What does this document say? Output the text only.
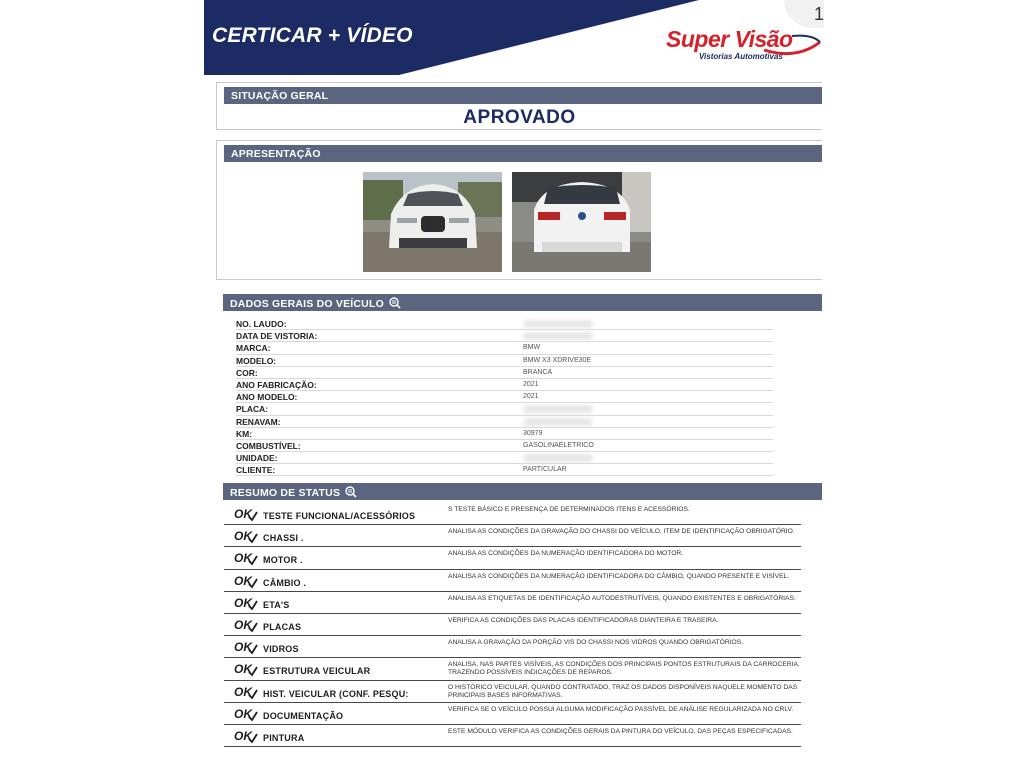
CERTICAR + VÍDEO	Super Visão
Vistorias Automotivas
SITUAÇÃO GERAL
APROVADO
APRESENTAÇÃO
DADOS GERAIS DO VEÍCULO
NO. LAUDO:
DATA DE VISTORIA:
MARCA:	BMW
MODELO:	BMW X3 XDRIVE30E
COR:	BRANCA
ANO FABRICAÇÃO:	2021
ANO MODELO:	2021
PLACA:
RENAVAM:
KM:	30979
COMBUSTÍVEL:	GASOLINAELETRICO
UNIDADE:
CLIENTE:	PARTICULAR
RESUMO DE STATUS
OK TESTE FUNCIONAL/ACESSÓRIOS
S TESTE BÁSICO E PRESENÇA DE DETERMINADOS ITENS E ACESSÓRIOS.
OK CHASSI .
ANALISA AS CONDIÇÕES DA GRAVAÇÃO DO CHASSI DO VEÍCULO. ITEM DE IDENTIFICAÇÃO OBRIGATÓRIO.
OK MOTOR .
ANALISA AS CONDIÇÕES DA NUMERAÇÃO IDENTIFICADORA DO MOTOR.
OK CÂMBIO .
ANALISA AS CONDIÇÕES DA NUMERAÇÃO IDENTIFICADORA DO CÂMBIO, QUANDO PRESENTE E VISÍVEL.
OK ETA'S
ANALISA AS ETIQUETAS DE IDENTIFICAÇÃO AUTODESTRUTÍVEIS, QUANDO EXISTENTES E OBRIGATÓRIAS.
OK PLACAS
VERIFICA AS CONDIÇÕES DAS PLACAS IDENTIFICADORAS DIANTEIRA E TRASEIRA.
OK VIDROS
ANALISA A GRAVAÇÃO DA PORÇÃO VIS DO CHASSI NOS VIDROS QUANDO OBRIGATÓRIOS.
OK ESTRUTURA VEICULAR
ANALISA, NAS PARTES VISÍVEIS, AS CONDIÇÕES DOS PRINCIPAIS PONTOS ESTRUTURAIS DA CARROCERIA, TRAZENDO POSSÍVEIS INDICAÇÕES DE REPAROS.
OK HIST. VEICULAR (CONF. PESQU:
O HISTÓRICO VEICULAR, QUANDO CONTRATADO, TRAZ OS DADOS DISPONÍVEIS NAQUELE MOMENTO DAS PRINCIPAIS BASES INFORMATIVAS.
OK DOCUMENTAÇÃO
VERIFICA SE O VEÍCULO POSSUI ALGUMA MODIFICAÇÃO PASSÍVEL DE ANÁLISE REGULARIZADA NO CRLV.
OK PINTURA
ESTE MÓDULO VERIFICA AS CONDIÇÕES GERAIS DA PINTURA DO VEÍCULO, DAS PEÇAS ESPECIFICADAS.
1
